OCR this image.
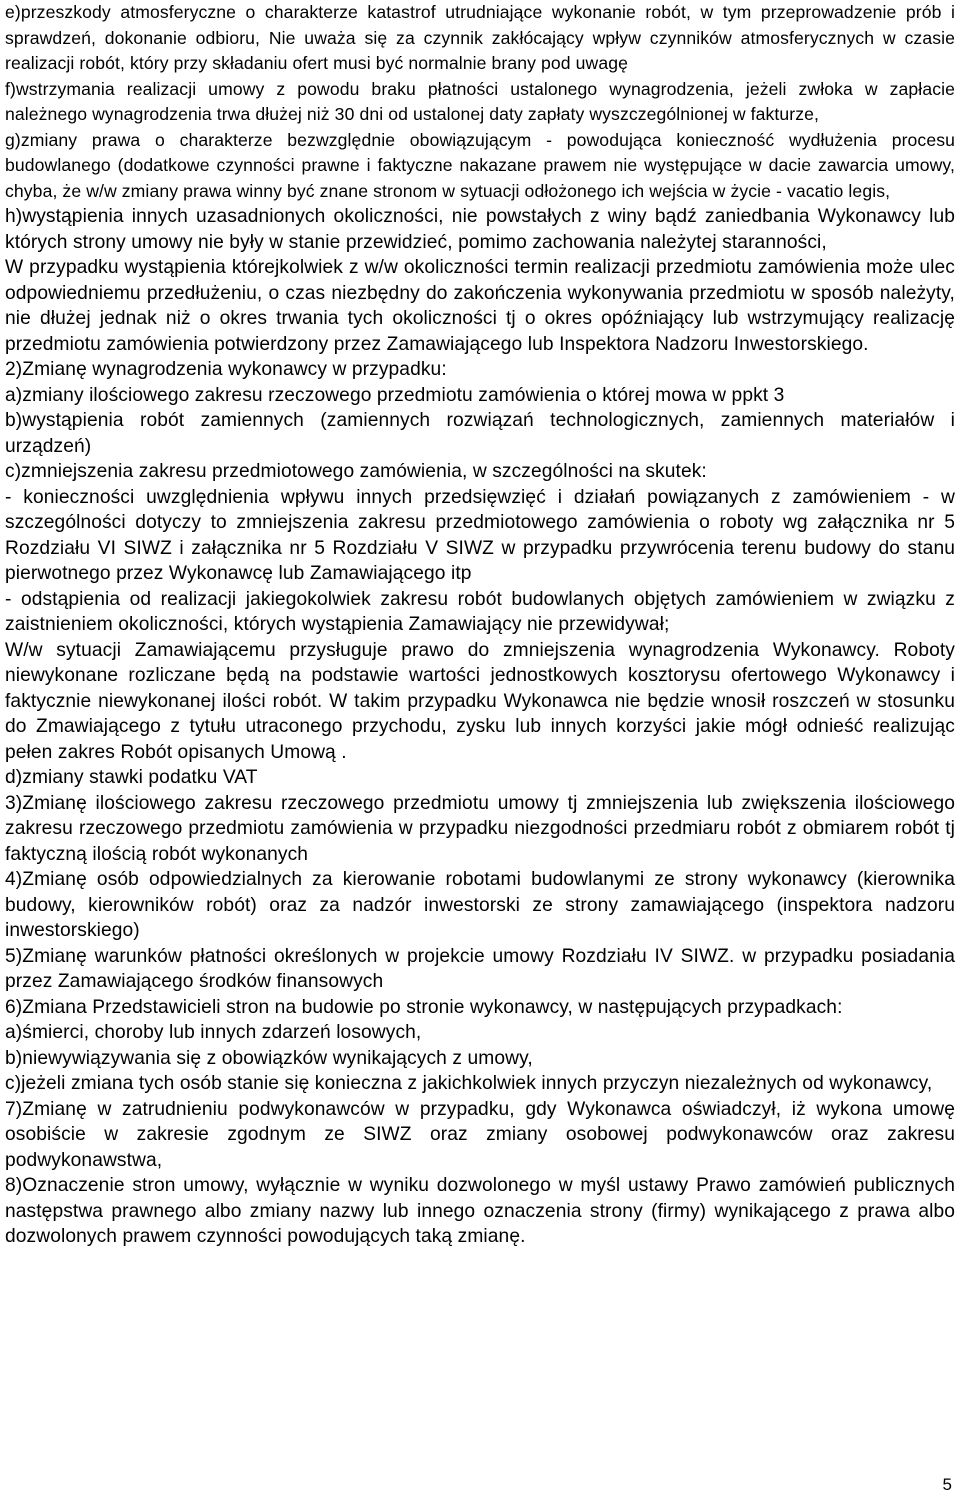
e)przeszkody atmosferyczne o charakterze katastrof utrudniające wykonanie robót, w tym przeprowadzenie prób i sprawdzeń, dokonanie odbioru, Nie uważa się za czynnik zakłócający wpływ czynników atmosferycznych w czasie realizacji robót, który przy składaniu ofert musi być normalnie brany pod uwagę

f)wstrzymania realizacji umowy z powodu braku płatności ustalonego wynagrodzenia, jeżeli zwłoka w zapłacie należnego wynagrodzenia trwa dłużej niż 30 dni od ustalonej daty zapłaty wyszczególnionej w fakturze,

g)zmiany prawa o charakterze bezwzględnie obowiązującym - powodująca konieczność wydłużenia procesu budowlanego (dodatkowe czynności prawne i faktyczne nakazane prawem nie występujące w dacie zawarcia umowy, chyba, że w/w zmiany prawa winny być znane stronom w sytuacji odłożonego ich wejścia w życie - vacatio legis,

h)wystąpienia innych uzasadnionych okoliczności, nie powstałych z winy bądź zaniedbania Wykonawcy lub których strony umowy nie były w stanie przewidzieć, pomimo zachowania należytej staranności,

W przypadku wystąpienia którejkolwiek z w/w okoliczności termin realizacji przedmiotu zamówienia może ulec odpowiedniemu przedłużeniu, o czas niezbędny do zakończenia wykonywania przedmiotu w sposób należyty, nie dłużej jednak niż o okres trwania tych okoliczności tj o okres opóźniający lub wstrzymujący realizację przedmiotu zamówienia potwierdzony przez Zamawiającego lub Inspektora Nadzoru Inwestorskiego.

2)Zmianę wynagrodzenia wykonawcy w przypadku:

a)zmiany ilościowego zakresu rzeczowego przedmiotu zamówienia o której mowa w ppkt 3

b)wystąpienia robót zamiennych (zamiennych rozwiązań technologicznych, zamiennych materiałów i urządzeń)

c)zmniejszenia zakresu przedmiotowego zamówienia, w szczególności na skutek:

- konieczności uwzględnienia wpływu innych przedsięwzięć i działań powiązanych z zamówieniem - w szczególności dotyczy to zmniejszenia zakresu przedmiotowego zamówienia o roboty wg załącznika nr 5 Rozdziału VI SIWZ i załącznika nr 5 Rozdziału V SIWZ w przypadku przywrócenia terenu budowy do stanu pierwotnego przez Wykonawcę lub Zamawiającego itp

- odstąpienia od realizacji jakiegokolwiek zakresu robót budowlanych objętych zamówieniem w związku z zaistnieniem okoliczności, których wystąpienia Zamawiający nie przewidywał;

W/w sytuacji Zamawiającemu przysługuje prawo do zmniejszenia wynagrodzenia Wykonawcy. Roboty niewykonane rozliczane będą na podstawie wartości jednostkowych kosztorysu ofertowego Wykonawcy i faktycznie niewykonanej ilości robót. W takim przypadku Wykonawca nie będzie wnosił roszczeń w stosunku do Zmawiającego z tytułu utraconego przychodu, zysku lub innych korzyści jakie mógł odnieść realizując pełen zakres Robót opisanych Umową .

d)zmiany stawki podatku VAT

3)Zmianę ilościowego zakresu rzeczowego przedmiotu umowy tj zmniejszenia lub zwiększenia ilościowego zakresu rzeczowego przedmiotu zamówienia w przypadku niezgodności przedmiaru robót z obmiarem robót tj faktyczną ilością robót wykonanych

4)Zmianę osób odpowiedzialnych za kierowanie robotami budowlanymi ze strony wykonawcy (kierownika budowy, kierowników robót) oraz za nadzór inwestorski ze strony zamawiającego (inspektora nadzoru inwestorskiego)

5)Zmianę warunków płatności określonych w projekcie umowy Rozdziału IV SIWZ. w przypadku posiadania przez Zamawiającego środków finansowych

6)Zmiana Przedstawicieli stron na budowie po stronie wykonawcy, w następujących przypadkach:

a)śmierci, choroby lub innych zdarzeń losowych,

b)niewywiązywania się z obowiązków wynikających z umowy,

c)jeżeli zmiana tych osób stanie się konieczna z jakichkolwiek innych przyczyn niezależnych od wykonawcy,

7)Zmianę w zatrudnieniu podwykonawców w przypadku, gdy Wykonawca oświadczył, iż wykona umowę osobiście w zakresie zgodnym ze SIWZ oraz zmiany osobowej podwykonawców oraz zakresu podwykonawstwa,

8)Oznaczenie stron umowy, wyłącznie w wyniku dozwolonego w myśl ustawy Prawo zamówień publicznych następstwa prawnego albo zmiany nazwy lub innego oznaczenia strony (firmy) wynikającego z prawa albo dozwolonych prawem czynności powodujących taką zmianę.

5
